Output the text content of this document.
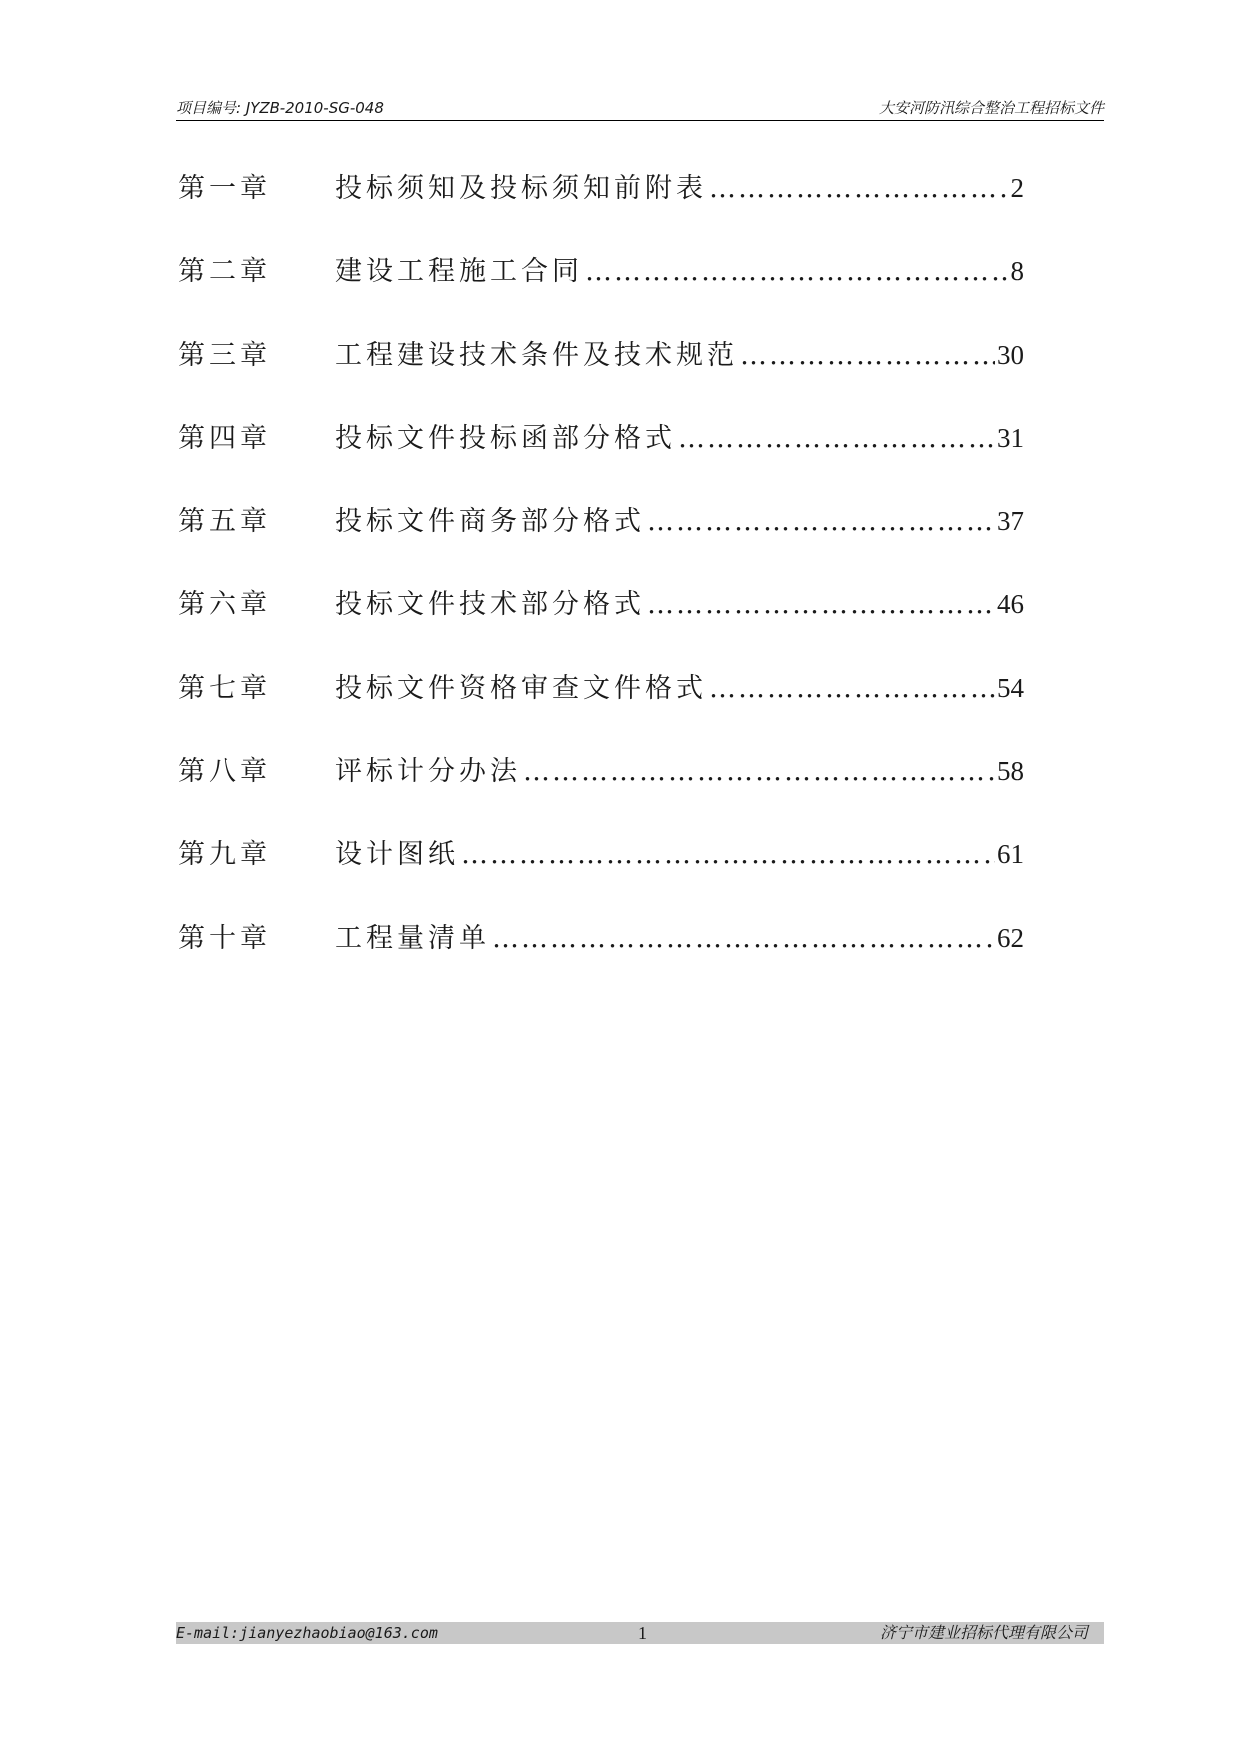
项目编号: JYZB-2010-SG-048	大安河防汛综合整治工程招标文件
第一章	投标须知及投标须知前附表 ……………………………………………………………………………………………………………	2
第二章	建设工程施工合同 ……………………………………………………………………………………………………………	8
第三章	工程建设技术条件及技术规范 ……………………………………………………………………………………………………………	30
第四章	投标文件投标函部分格式 ……………………………………………………………………………………………………………	31
第五章	投标文件商务部分格式 ……………………………………………………………………………………………………………	37
第六章	投标文件技术部分格式 ……………………………………………………………………………………………………………	46
第七章	投标文件资格审查文件格式 ……………………………………………………………………………………………………………	54
第八章	评标计分办法 ……………………………………………………………………………………………………………	58
第九章	设计图纸 ……………………………………………………………………………………………………………	61
第十章	工程量清单 ……………………………………………………………………………………………………………	62
E-mail:jianyezhaobiao@163.com	1	济宁市建业招标代理有限公司
